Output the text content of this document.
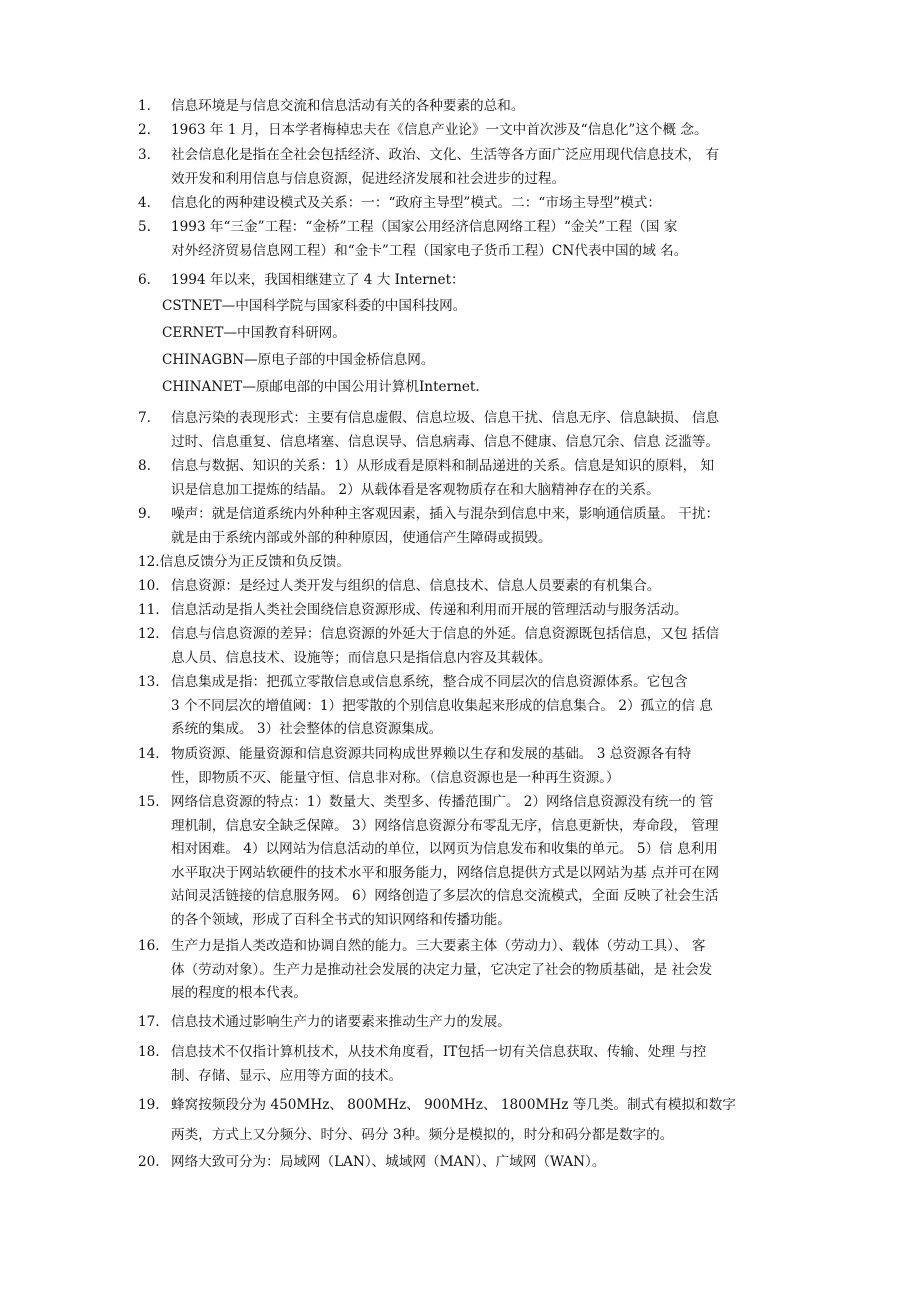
1.	信息环境是与信息交流和信息活动有关的各种要素的总和。
2.	1963 年 1 月，日本学者梅棹忠夫在《信息产业论》一文中首次涉及“信息化”这个概 念。
3.	社会信息化是指在全社会包括经济、政治、文化、生活等各方面广泛应用现代信息技术， 有
效开发和利用信息与信息资源，促进经济发展和社会进步的过程。
4.	信息化的两种建设模式及关系：一：“政府主导型”模式。二：“市场主导型”模式：
5.	1993 年“三金”工程：“金桥”工程（国家公用经济信息网络工程）“金关”工程（国 家
对外经济贸易信息网工程）和“金卡”工程（国家电子货币工程）CN代表中国的域 名。
6.	1994 年以来，我国相继建立了 4 大 Internet：
CSTNET—中国科学院与国家科委的中国科技网。
CERNET—中国教育科研网。
CHINAGBN—原电子部的中国金桥信息网。
CHINANET—原邮电部的中国公用计算机Internet.
7.	信息污染的表现形式：主要有信息虚假、信息垃圾、信息干扰、信息无序、信息缺损、 信息
过时、信息重复、信息堵塞、信息误导、信息病毒、信息不健康、信息冗余、信息 泛滥等。
8.	信息与数据、知识的关系：1）从形成看是原料和制品递进的关系。信息是知识的原料， 知
识是信息加工提炼的结晶。 2）从载体看是客观物质存在和大脑精神存在的关系。
9.	噪声：就是信道系统内外种种主客观因素，插入与混杂到信息中来，影响通信质量。 干扰：
就是由于系统内部或外部的种种原因，使通信产生障碍或损毁。
12.信息反馈分为正反馈和负反馈。
10. 信息资源：是经过人类开发与组织的信息、信息技术、信息人员要素的有机集合。
11. 信息活动是指人类社会围绕信息资源形成、传递和利用而开展的管理活动与服务活动。
12. 信息与信息资源的差异：信息资源的外延大于信息的外延。信息资源既包括信息，又包 括信
息人员、信息技术、设施等；而信息只是指信息内容及其载体。
13. 信息集成是指：把孤立零散信息或信息系统，整合成不同层次的信息资源体系。它包含
3 个不同层次的增值阈：1）把零散的个别信息收集起来形成的信息集合。 2）孤立的信 息
系统的集成。 3）社会整体的信息资源集成。
14. 物质资源、能量资源和信息资源共同构成世界赖以生存和发展的基础。 3 总资源各有特
性，即物质不灭、能量守恒、信息非对称。（信息资源也是一种再生资源。）
15. 网络信息资源的特点：1）数量大、类型多、传播范围广。 2）网络信息资源没有统一的 管
理机制，信息安全缺乏保障。 3）网络信息资源分布零乱无序，信息更新快，寿命段， 管理
相对困难。 4）以网站为信息活动的单位，以网页为信息发布和收集的单元。 5）信 息利用
水平取决于网站软硬件的技术水平和服务能力，网络信息提供方式是以网站为基 点并可在网
站间灵活链接的信息服务网。 6）网络创造了多层次的信息交流模式，全面 反映了社会生活
的各个领域，形成了百科全书式的知识网络和传播功能。
16. 生产力是指人类改造和协调自然的能力。三大要素主体（劳动力）、载体（劳动工具）、 客
体（劳动对象）。生产力是推动社会发展的决定力量，它决定了社会的物质基础，是 社会发
展的程度的根本代表。
17. 信息技术通过影响生产力的诸要素来推动生产力的发展。
18. 信息技术不仅指计算机技术，从技术角度看，IT包括一切有关信息获取、传输、处理 与控
制、存储、显示、应用等方面的技术。
19. 蜂窝按频段分为 450MHz、 800MHz、 900MHz、 1800MHz 等几类。制式有模拟和数字
两类，方式上又分频分、时分、码分 3种。频分是模拟的，时分和码分都是数字的。
20. 网络大致可分为：局域网（LAN）、城域网（MAN）、广域网（WAN）。
